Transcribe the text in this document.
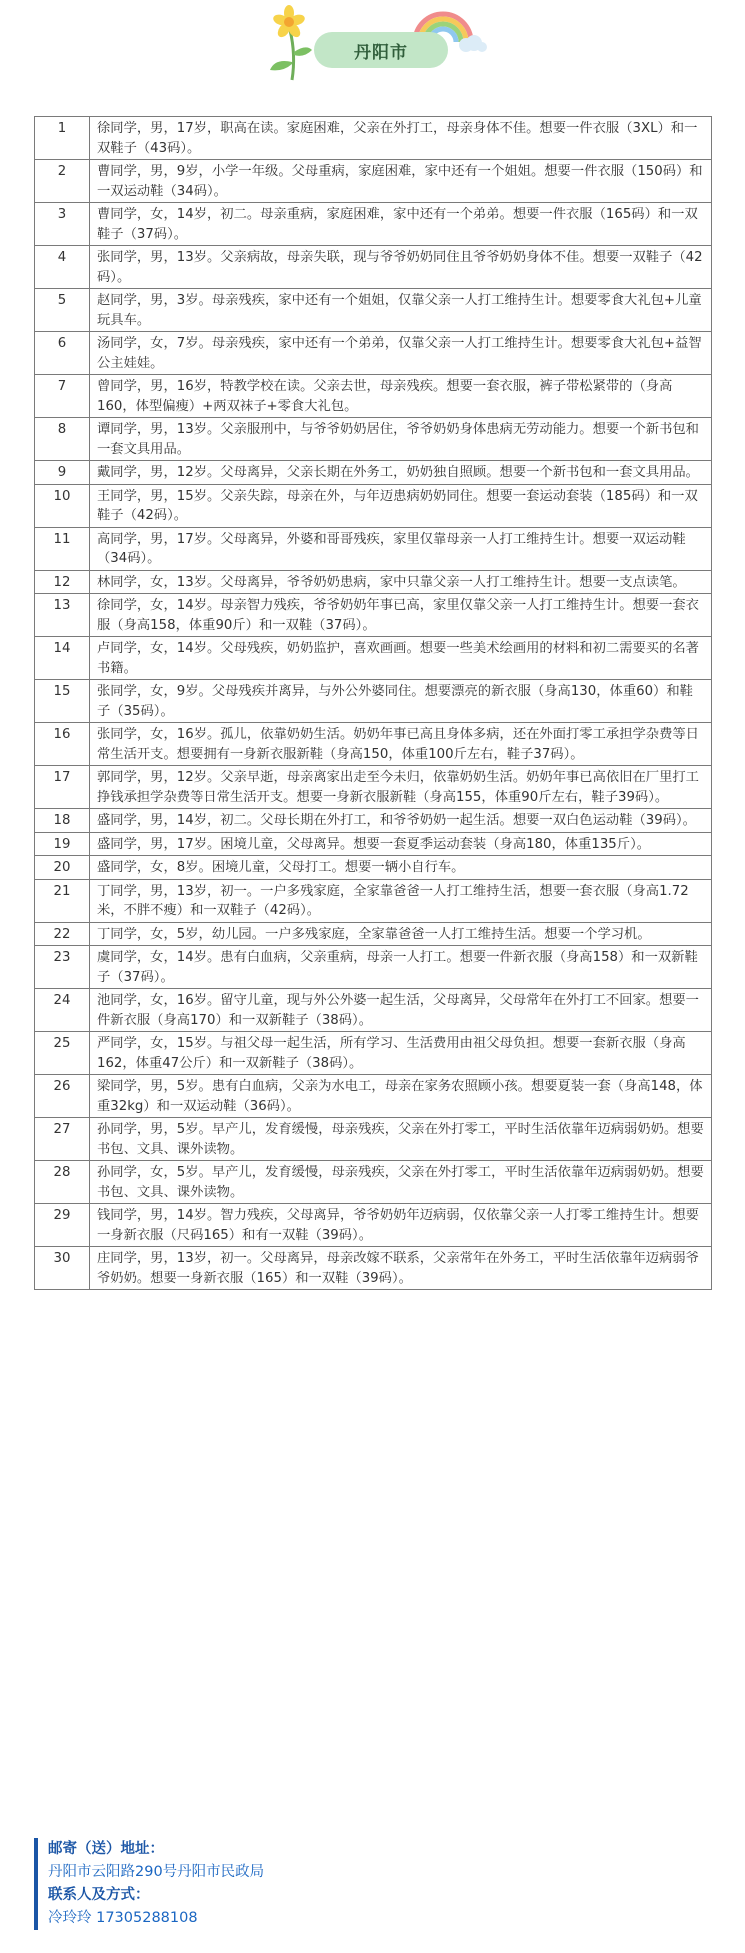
丹阳市
1	徐同学，男，17岁，职高在读。家庭困难，父亲在外打工，母亲身体不佳。想要一件衣服（3XL）和一双鞋子（43码）。
2	曹同学，男，9岁，小学一年级。父母重病，家庭困难，家中还有一个姐姐。想要一件衣服（150码）和一双运动鞋（34码）。
3	曹同学，女，14岁，初二。母亲重病，家庭困难，家中还有一个弟弟。想要一件衣服（165码）和一双鞋子（37码）。
4	张同学，男，13岁。父亲病故，母亲失联，现与爷爷奶奶同住且爷爷奶奶身体不佳。想要一双鞋子（42码）。
5	赵同学，男，3岁。母亲残疾，家中还有一个姐姐，仅靠父亲一人打工维持生计。想要零食大礼包+儿童玩具车。
6	汤同学，女，7岁。母亲残疾，家中还有一个弟弟，仅靠父亲一人打工维持生计。想要零食大礼包+益智公主娃娃。
7	曾同学，男，16岁，特教学校在读。父亲去世，母亲残疾。想要一套衣服，裤子带松紧带的（身高160，体型偏瘦）+两双袜子+零食大礼包。
8	谭同学，男，13岁。父亲服刑中，与爷爷奶奶居住，爷爷奶奶身体患病无劳动能力。想要一个新书包和一套文具用品。
9	戴同学，男，12岁。父母离异，父亲长期在外务工，奶奶独自照顾。想要一个新书包和一套文具用品。
10	王同学，男，15岁。父亲失踪，母亲在外，与年迈患病奶奶同住。想要一套运动套装（185码）和一双鞋子（42码）。
11	高同学，男，17岁。父母离异，外婆和哥哥残疾，家里仅靠母亲一人打工维持生计。想要一双运动鞋（34码）。
12	林同学，女，13岁。父母离异，爷爷奶奶患病，家中只靠父亲一人打工维持生计。想要一支点读笔。
13	徐同学，女，14岁。母亲智力残疾，爷爷奶奶年事已高，家里仅靠父亲一人打工维持生计。想要一套衣服（身高158，体重90斤）和一双鞋（37码）。
14	卢同学，女，14岁。父母残疾，奶奶监护，喜欢画画。想要一些美术绘画用的材料和初二需要买的名著书籍。
15	张同学，女，9岁。父母残疾并离异，与外公外婆同住。想要漂亮的新衣服（身高130，体重60）和鞋子（35码）。
16	张同学，女，16岁。孤儿，依靠奶奶生活。奶奶年事已高且身体多病，还在外面打零工承担学杂费等日常生活开支。想要拥有一身新衣服新鞋（身高150，体重100斤左右，鞋子37码）。
17	郭同学，男，12岁。父亲早逝，母亲离家出走至今未归，依靠奶奶生活。奶奶年事已高依旧在厂里打工挣钱承担学杂费等日常生活开支。想要一身新衣服新鞋（身高155，体重90斤左右，鞋子39码）。
18	盛同学，男，14岁，初二。父母长期在外打工，和爷爷奶奶一起生活。想要一双白色运动鞋（39码）。
19	盛同学，男，17岁。困境儿童，父母离异。想要一套夏季运动套装（身高180，体重135斤）。
20	盛同学，女，8岁。困境儿童，父母打工。想要一辆小自行车。
21	丁同学，男，13岁，初一。一户多残家庭，全家靠爸爸一人打工维持生活，想要一套衣服（身高1.72米，不胖不瘦）和一双鞋子（42码）。
22	丁同学，女，5岁，幼儿园。一户多残家庭，全家靠爸爸一人打工维持生活。想要一个学习机。
23	虞同学，女，14岁。患有白血病，父亲重病，母亲一人打工。想要一件新衣服（身高158）和一双新鞋子（37码）。
24	池同学，女，16岁。留守儿童，现与外公外婆一起生活，父母离异，父母常年在外打工不回家。想要一件新衣服（身高170）和一双新鞋子（38码）。
25	严同学，女，15岁。与祖父母一起生活，所有学习、生活费用由祖父母负担。想要一套新衣服（身高162，体重47公斤）和一双新鞋子（38码）。
26	梁同学，男，5岁。患有白血病，父亲为水电工，母亲在家务农照顾小孩。想要夏装一套（身高148，体重32kg）和一双运动鞋（36码）。
27	孙同学，男，5岁。早产儿，发育缓慢，母亲残疾，父亲在外打零工，平时生活依靠年迈病弱奶奶。想要书包、文具、课外读物。
28	孙同学，女，5岁。早产儿，发育缓慢，母亲残疾，父亲在外打零工，平时生活依靠年迈病弱奶奶。想要书包、文具、课外读物。
29	钱同学，男，14岁。智力残疾，父母离异，爷爷奶奶年迈病弱，仅依靠父亲一人打零工维持生计。想要一身新衣服（尺码165）和有一双鞋（39码）。
30	庄同学，男，13岁，初一。父母离异，母亲改嫁不联系，父亲常年在外务工，平时生活依靠年迈病弱爷爷奶奶。想要一身新衣服（165）和一双鞋（39码）。
邮寄（送）地址：
丹阳市云阳路290号丹阳市民政局
联系人及方式：
冷玲玲 17305288108
